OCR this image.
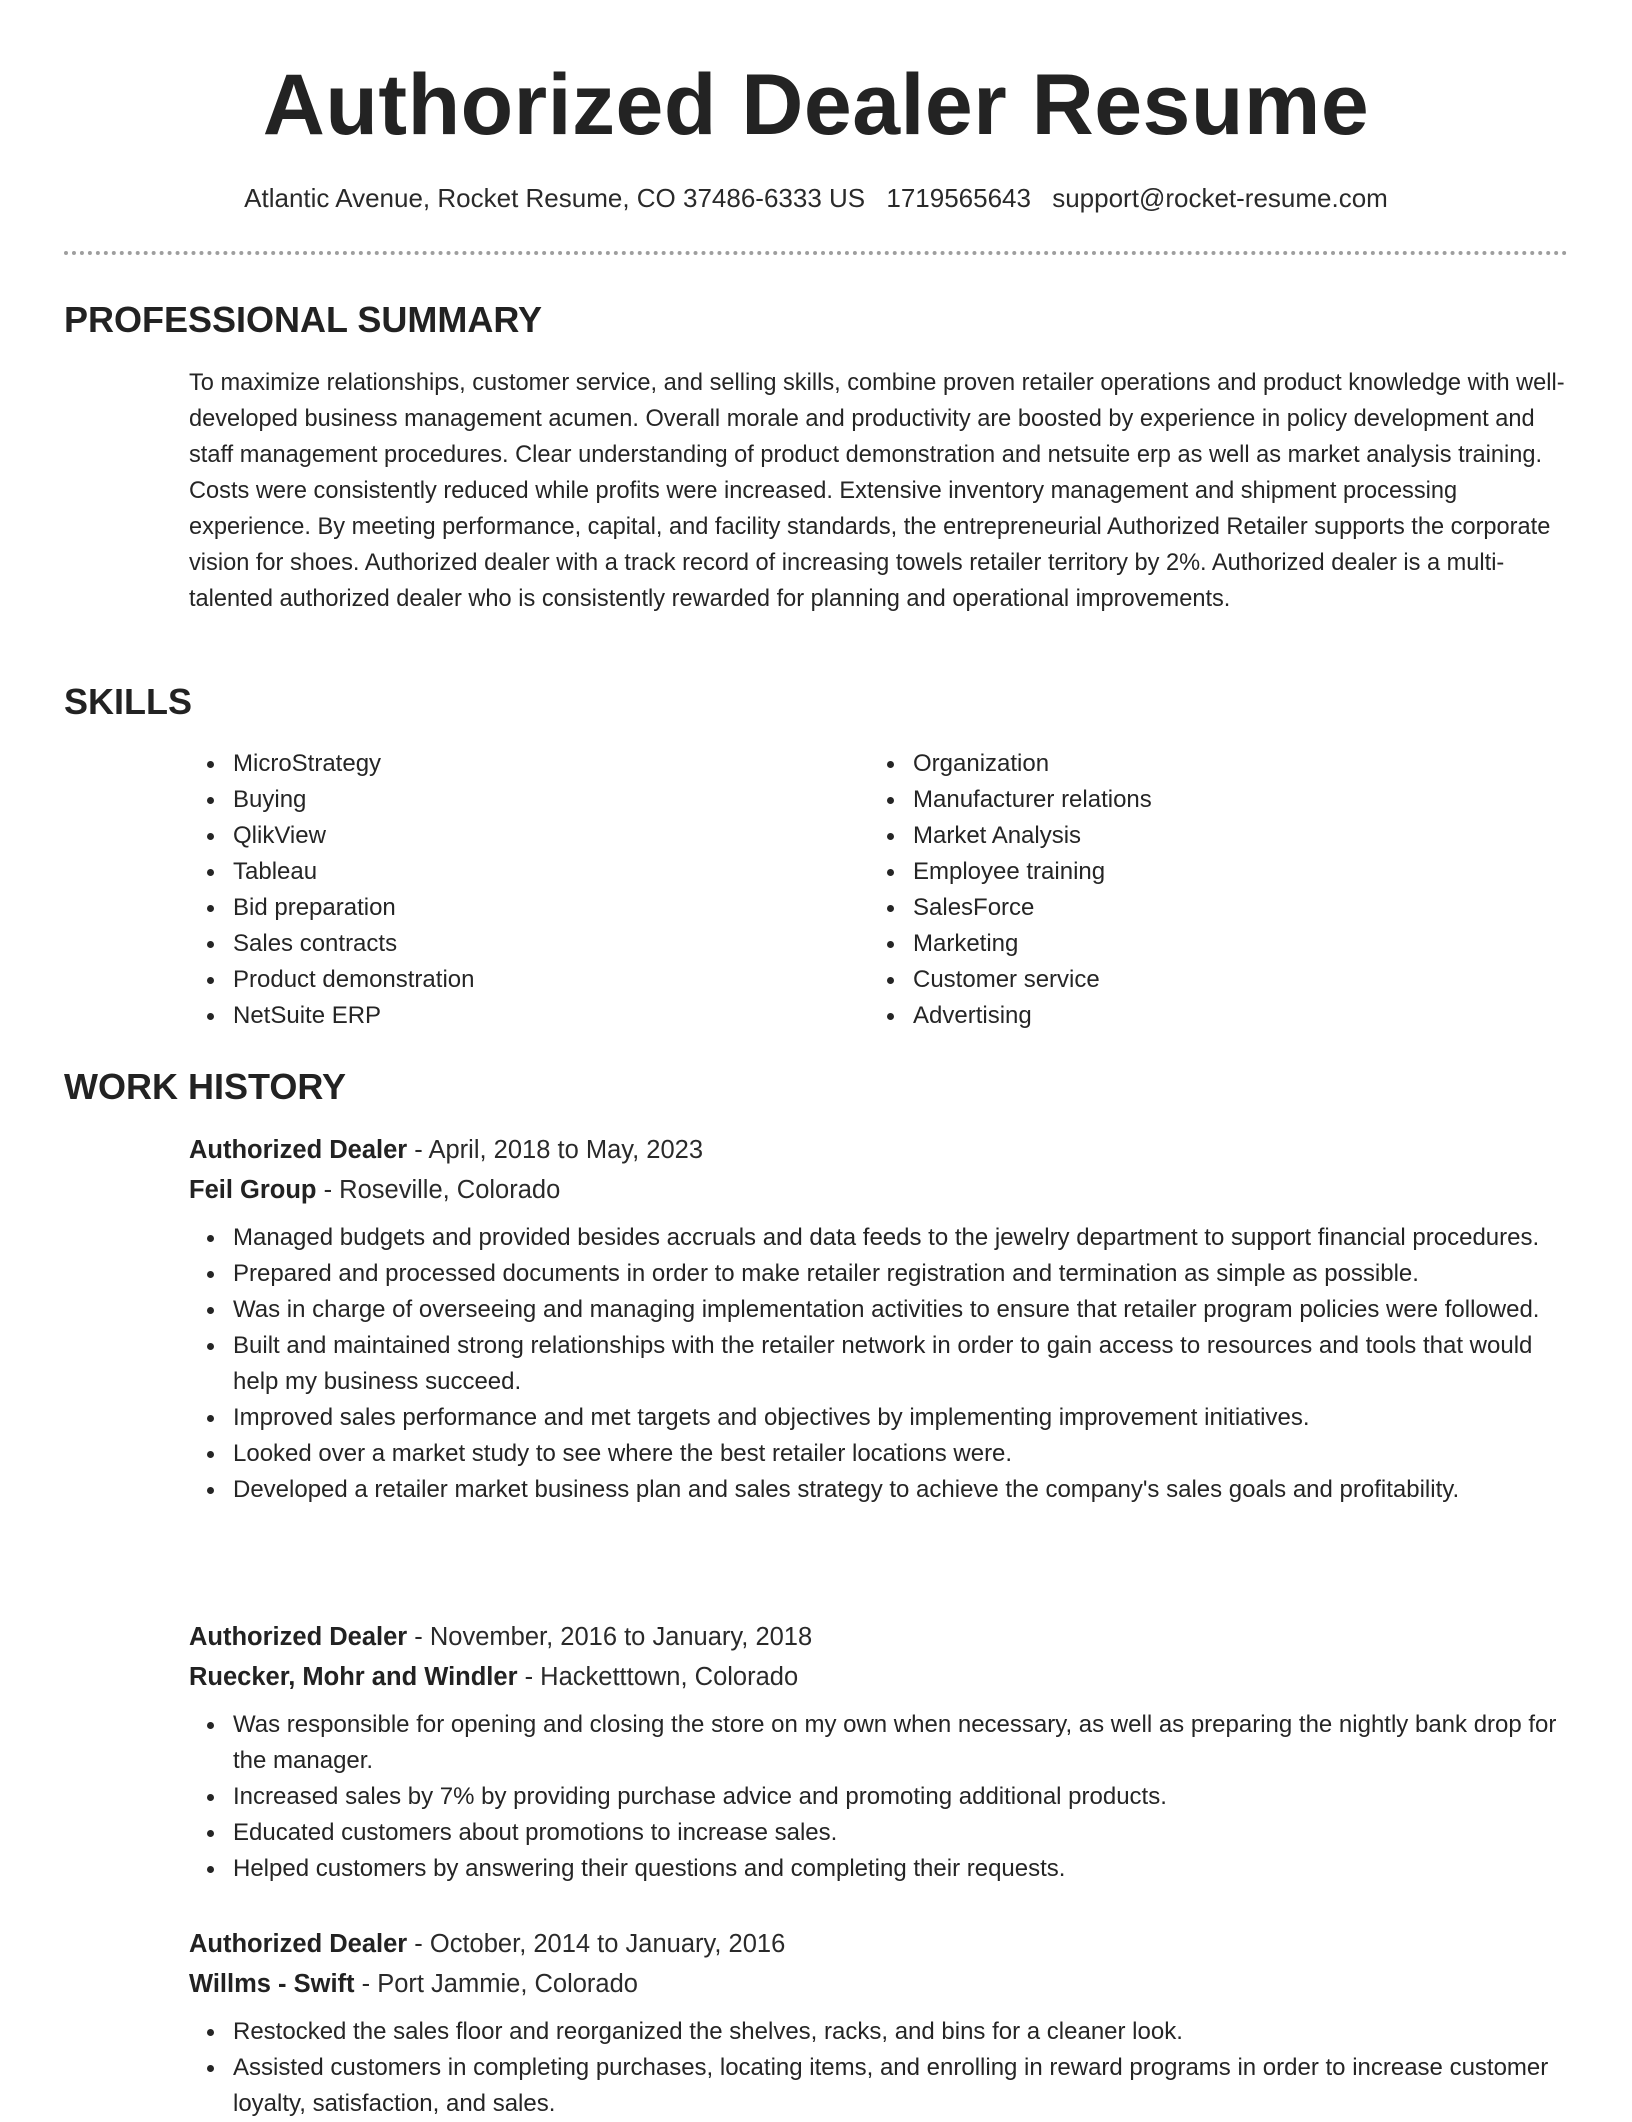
Authorized Dealer Resume
Atlantic Avenue, Rocket Resume, CO 37486-6333 US 1719565643 support@rocket-resume.com
PROFESSIONAL SUMMARY

To maximize relationships, customer service, and selling skills, combine proven retailer operations and product knowledge with well-developed business management acumen. Overall morale and productivity are boosted by experience in policy development and staff management procedures. Clear understanding of product demonstration and netsuite erp as well as market analysis training. Costs were consistently reduced while profits were increased. Extensive inventory management and shipment processing experience. By meeting performance, capital, and facility standards, the entrepreneurial Authorized Retailer supports the corporate vision for shoes. Authorized dealer with a track record of increasing towels retailer territory by 2%. Authorized dealer is a multi-talented authorized dealer who is consistently rewarded for planning and operational improvements.

SKILLS
MicroStrategy
Buying
QlikView
Tableau
Bid preparation
Sales contracts
Product demonstration
NetSuite ERP
Organization
Manufacturer relations
Market Analysis
Employee training
SalesForce
Marketing
Customer service
Advertising
WORK HISTORY
Authorized Dealer - April, 2018 to May, 2023
Feil Group - Roseville, Colorado
Managed budgets and provided besides accruals and data feeds to the jewelry department to support financial procedures.
Prepared and processed documents in order to make retailer registration and termination as simple as possible.
Was in charge of overseeing and managing implementation activities to ensure that retailer program policies were followed.
Built and maintained strong relationships with the retailer network in order to gain access to resources and tools that would help my business succeed.
Improved sales performance and met targets and objectives by implementing improvement initiatives.
Looked over a market study to see where the best retailer locations were.
Developed a retailer market business plan and sales strategy to achieve the company's sales goals and profitability.
Authorized Dealer - November, 2016 to January, 2018
Ruecker, Mohr and Windler - Hacketttown, Colorado
Was responsible for opening and closing the store on my own when necessary, as well as preparing the nightly bank drop for the manager.
Increased sales by 7% by providing purchase advice and promoting additional products.
Educated customers about promotions to increase sales.
Helped customers by answering their questions and completing their requests.
Authorized Dealer - October, 2014 to January, 2016
Willms - Swift - Port Jammie, Colorado
Restocked the sales floor and reorganized the shelves, racks, and bins for a cleaner look.
Assisted customers in completing purchases, locating items, and enrolling in reward programs in order to increase customer loyalty, satisfaction, and sales.
